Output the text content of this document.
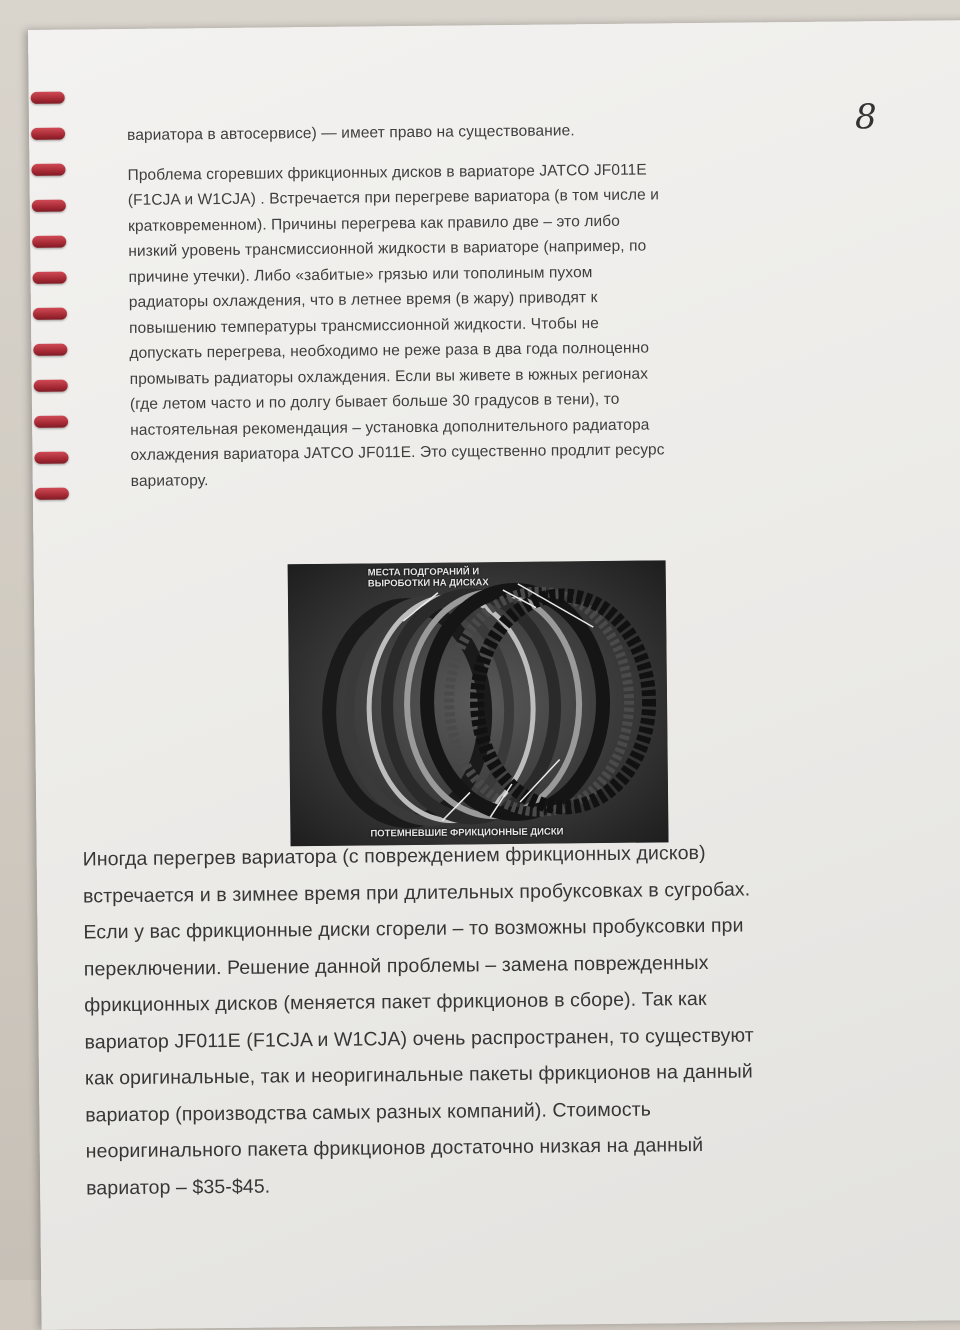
8
вариатора в автосервисе) — имеет право на существование.
Проблема сгоревших фрикционных дисков в вариаторе JATCO JF011E
(F1CJA и W1CJA) . Встречается при перегреве вариатора (в том числе и
кратковременном). Причины перегрева как правило две – это либо
низкий уровень трансмиссионной жидкости в вариаторе (например, по
причине утечки). Либо «забитые» грязью или тополиным пухом
радиаторы охлаждения, что в летнее время (в жару) приводят к
повышению температуры трансмиссионной жидкости. Чтобы не
допускать перегрева, необходимо не реже раза в два года полноценно
промывать радиаторы охлаждения. Если вы живете в южных регионах
(где летом часто и по долгу бывает больше 30 градусов в тени), то
настоятельная рекомендация – установка дополнительного радиатора
охлаждения вариатора JATCO JF011E. Это существенно продлит ресурс
вариатору.
МЕСТА ПОДГОРАНИЙ И
ВЫРОБОТКИ НА ДИСКАХ
ПОТЕМНЕВШИЕ ФРИКЦИОННЫЕ ДИСКИ
Иногда перегрев вариатора (с повреждением фрикционных дисков)
встречается и в зимнее время при длительных пробуксовках в сугробах.
Если у вас фрикционные диски сгорели – то возможны пробуксовки при
переключении. Решение данной проблемы – замена поврежденных
фрикционных дисков (меняется пакет фрикционов в сборе). Так как
вариатор JF011E (F1CJA и W1CJA) очень распространен, то существуют
как оригинальные, так и неоригинальные пакеты фрикционов на данный
вариатор (производства самых разных компаний). Стоимость
неоригинального пакета фрикционов достаточно низкая на данный
вариатор – $35-$45.
